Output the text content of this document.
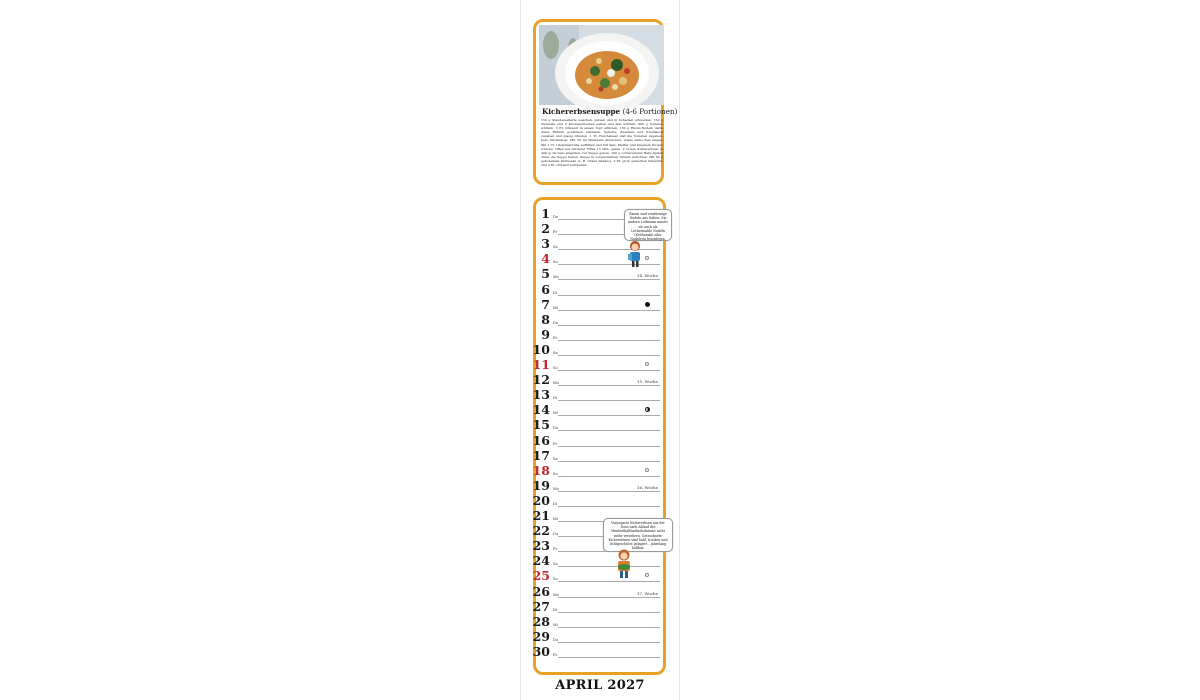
Kichererbsensuppe (4-6 Portionen)
150 g Staudensellerie waschen, putzen und in Scheiben schneiden. 150 g Zwiebeln und 2 Knoblauchzehen pellen und fein würfeln. 400 g Tomaten würfeln. 3 EL Olivenöl in einem Topf erhitzen. 150 g Risoni-Nudeln darin unter Rühren goldbraun anbraten. Sellerie, Zwiebeln und Knoblauch zugeben und glasig dünsten. 1 TL Fenchelsaat und die Tomaten zugeben, kurz mitdünsten. Mit 50 ml Weißwein ablöschen, etwas einkochen lassen. Mit 1,75 l Gemüsebrühe auffüllen und mit Salz, Pfeffer und braunem Zucker würzen. Offen bei mittlerer Hitze 15 Min. garen. 2 Dosen Kichererbsen (à 400 g) im Sieb abspülen, zur Suppe geben. 100 g vorbereiteten Baby-Spinat unter die Suppe heben. Suppe in vorgewärmten Tellern anrichten. Mit 60 g gehobeltem Parmesan (z. B. Grana Padano), 2 EL grob gehackter Petersilie und 2 EL Olivenöl beträufeln.
1 Do
2 Fr
3 Sa
4 So
5 Mo	14. Woche
6 Di
7 Mi
8 Do
9 Fr
10 Sa
11 So
12 Mo	15. Woche
13 Di
14 Mi
15 Do
16 Fr
17 Sa
18 So
19 Mo	16. Woche
20 Di
21 Mi
22 Do
23 Fr
24 Sa
25 So
26 Mo	17. Woche
27 Di
28 Mi
29 Do
30 Fr
Risoni sind reisförmige Nudeln aus Italien. Sie ändern Ludmann mischt sie auch als Leckermahle Nudeln (Kritharaki) oder Nudelreis beizulegen.
Vorgegarte Kichererbsen aus der Dose nach Ablauf des Mindesthaltbarkeitsdatums nicht mehr verzehren. Getrocknete Kichererbsen sind bald, trocken und lichtgeschützt gelagert – jahrelang haltbar.
APRIL 2027
